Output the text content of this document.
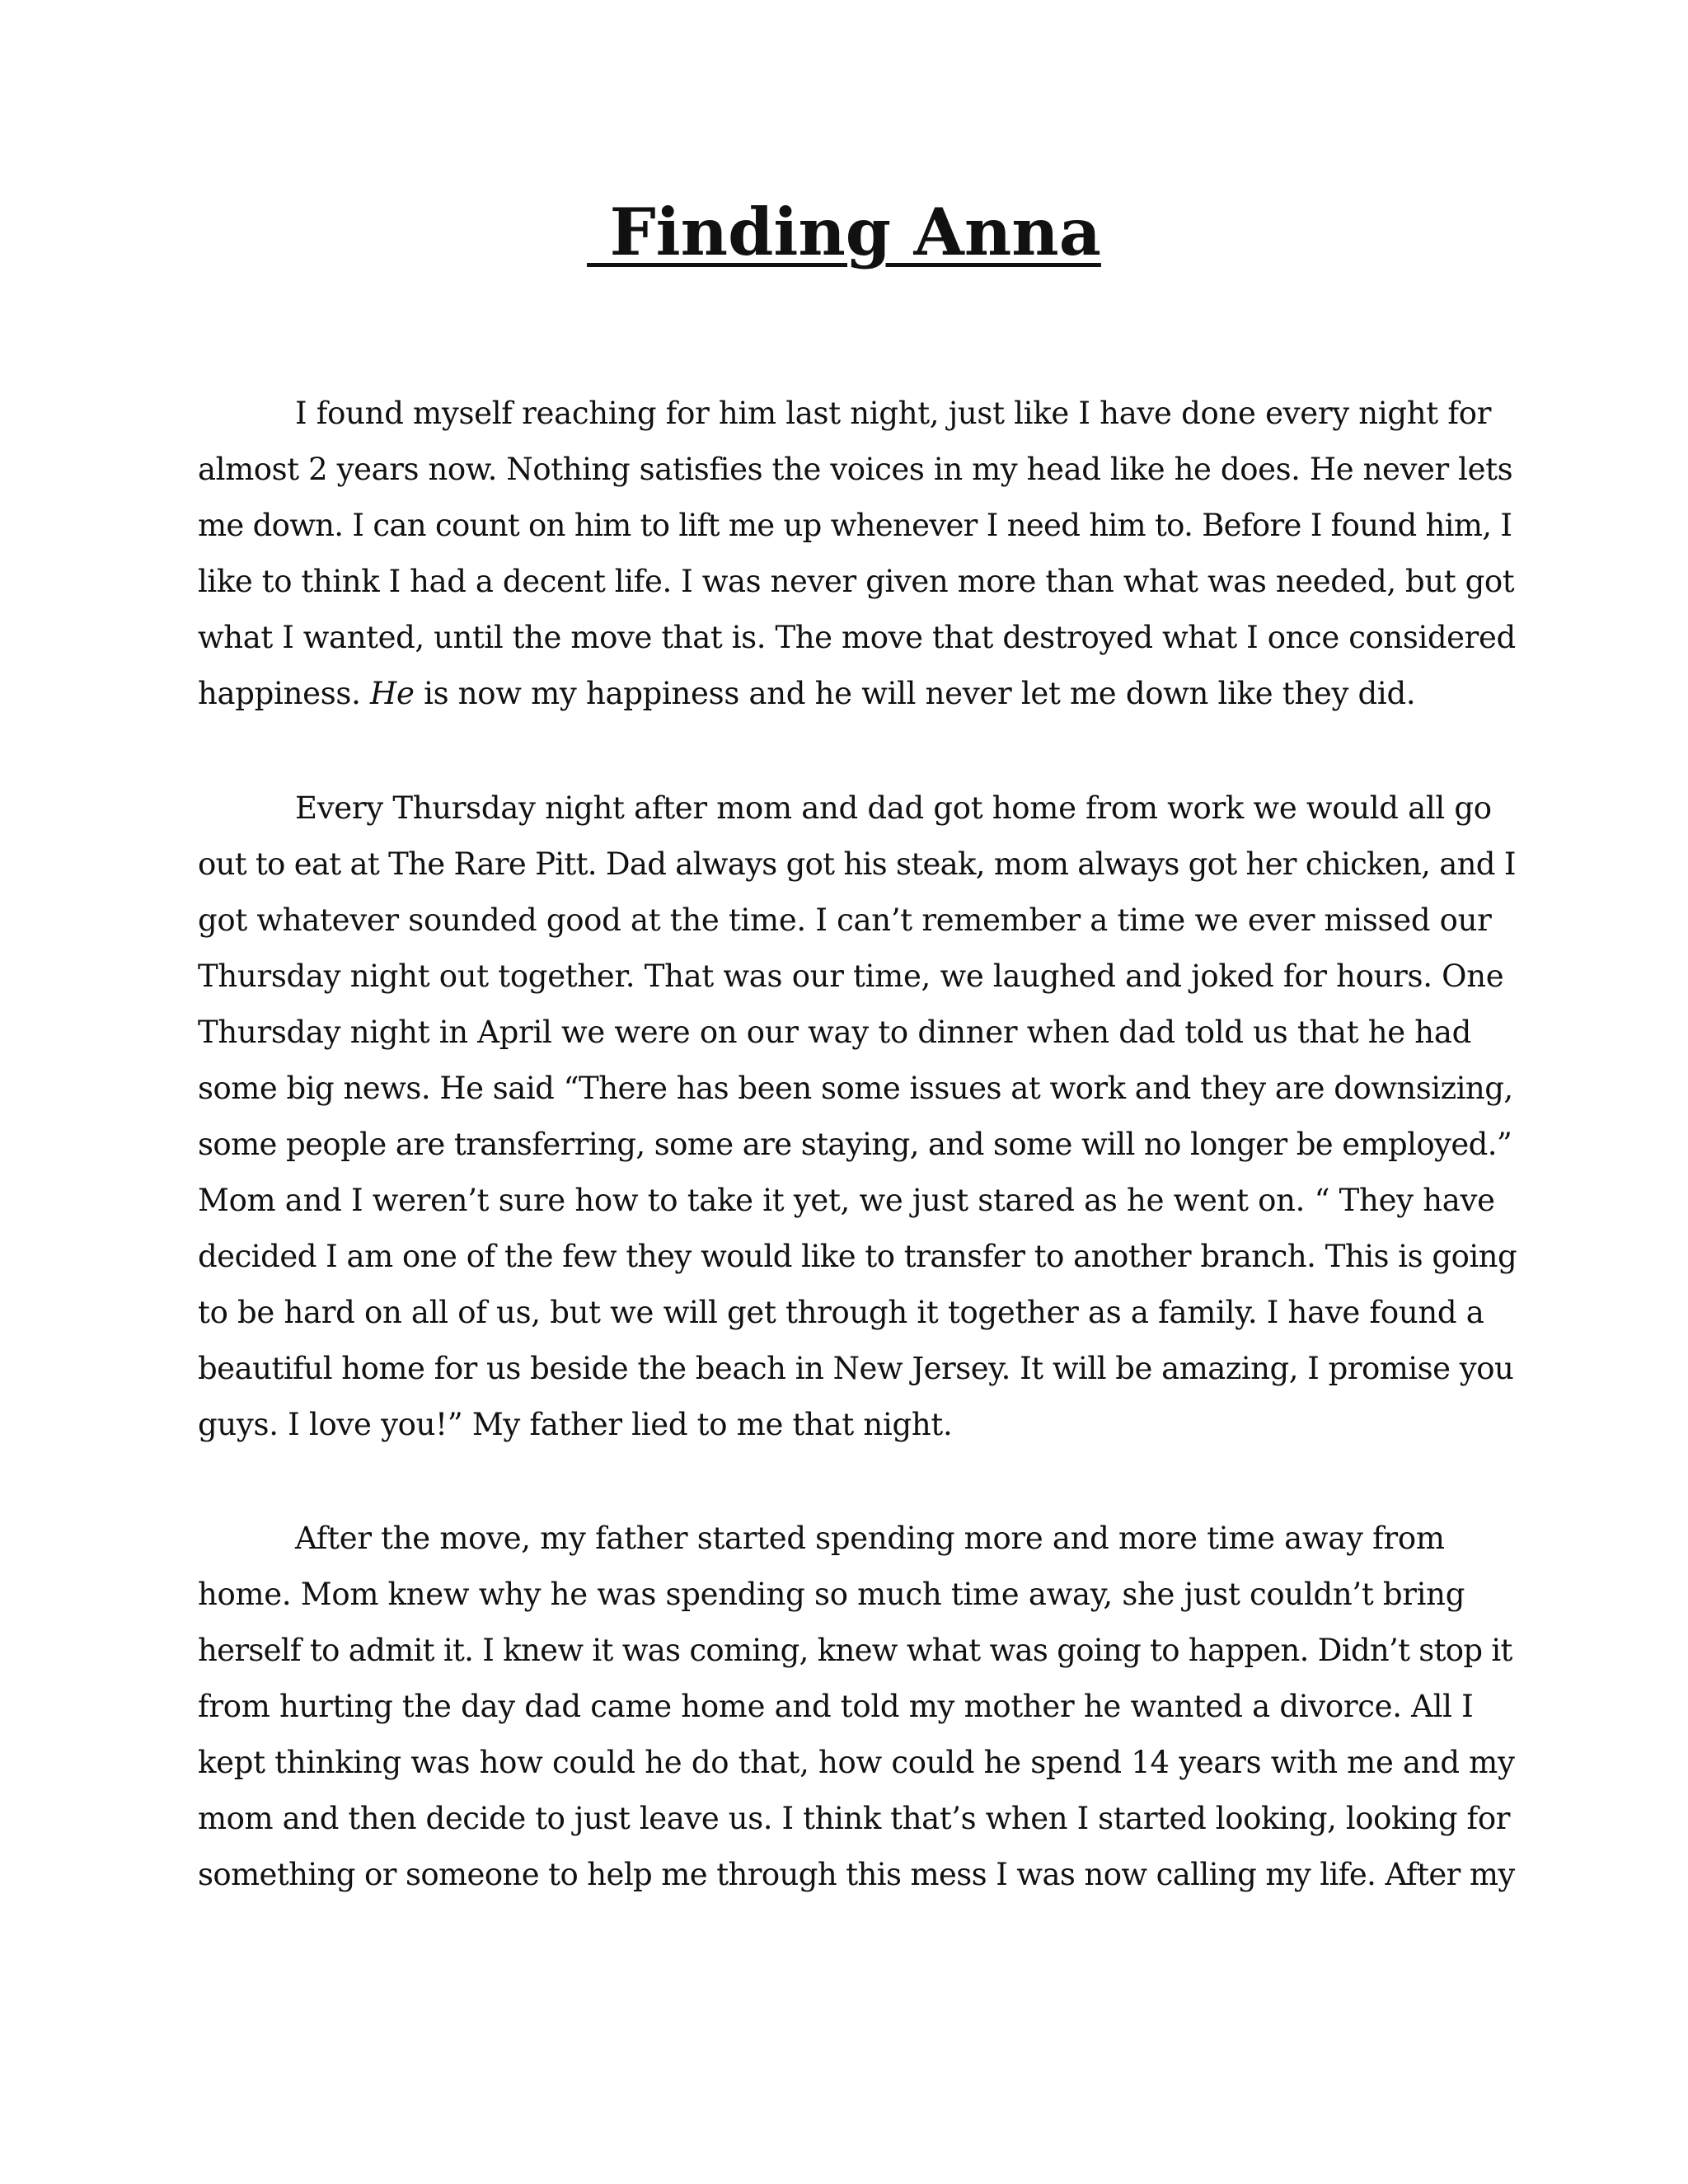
Finding Anna
I found myself reaching for him last night, just like I have done every night for
almost 2 years now. Nothing satisfies the voices in my head like he does. He never lets
me down. I can count on him to lift me up whenever I need him to. Before I found him, I
like to think I had a decent life. I was never given more than what was needed, but got
what I wanted, until the move that is. The move that destroyed what I once considered
happiness. He is now my happiness and he will never let me down like they did.
Every Thursday night after mom and dad got home from work we would all go
out to eat at The Rare Pitt. Dad always got his steak, mom always got her chicken, and I
got whatever sounded good at the time. I can’t remember a time we ever missed our
Thursday night out together. That was our time, we laughed and joked for hours. One
Thursday night in April we were on our way to dinner when dad told us that he had
some big news. He said “There has been some issues at work and they are downsizing,
some people are transferring, some are staying, and some will no longer be employed.”
Mom and I weren’t sure how to take it yet, we just stared as he went on. “ They have
decided I am one of the few they would like to transfer to another branch. This is going
to be hard on all of us, but we will get through it together as a family. I have found a
beautiful home for us beside the beach in New Jersey. It will be amazing, I promise you
guys. I love you!” My father lied to me that night.
After the move, my father started spending more and more time away from
home. Mom knew why he was spending so much time away, she just couldn’t bring
herself to admit it. I knew it was coming, knew what was going to happen. Didn’t stop it
from hurting the day dad came home and told my mother he wanted a divorce. All I
kept thinking was how could he do that, how could he spend 14 years with me and my
mom and then decide to just leave us. I think that’s when I started looking, looking for
something or someone to help me through this mess I was now calling my life. After my
